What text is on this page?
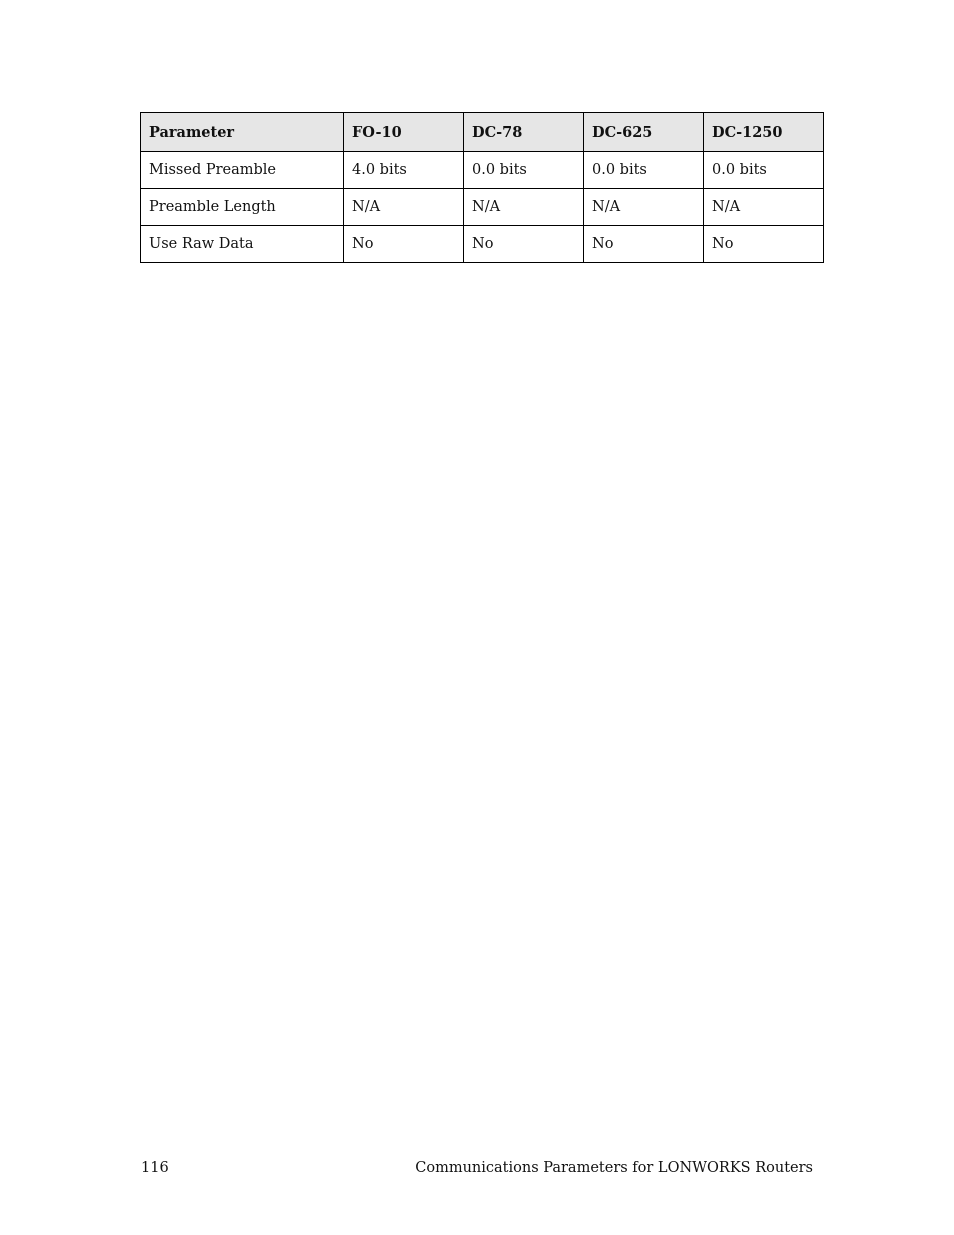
Parameter	FO-10	DC-78	DC-625	DC-1250
Missed Preamble	4.0 bits	0.0 bits	0.0 bits	0.0 bits
Preamble Length	N/A	N/A	N/A	N/A
Use Raw Data	No	No	No	No
116	Communications Parameters for LONWORKS Routers
